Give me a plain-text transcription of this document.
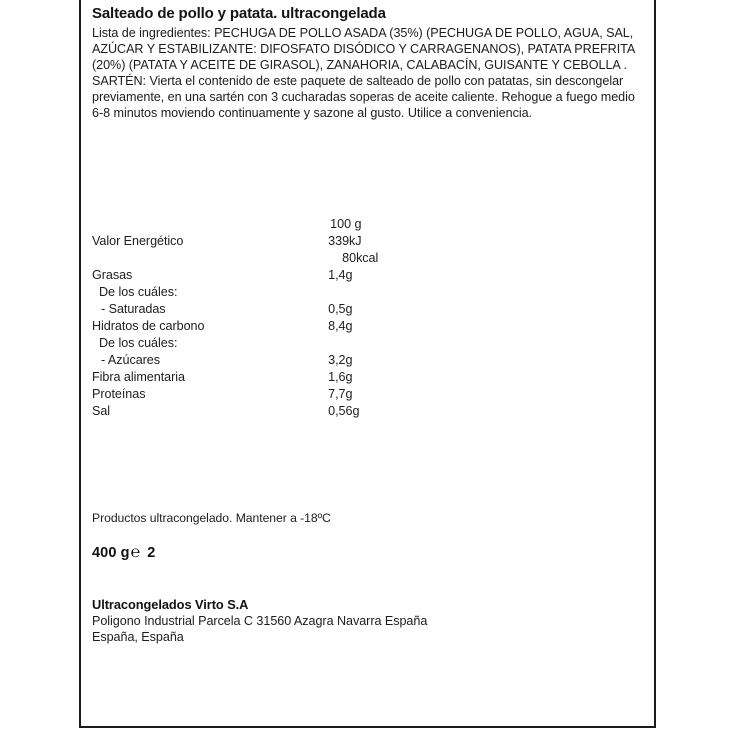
Salteado de pollo y patata. ultracongelada

Lista de ingredientes: PECHUGA DE POLLO ASADA (35%) (PECHUGA DE POLLO, AGUA, SAL, AZÚCAR Y ESTABILIZANTE: DIFOSFATO DISÓDICO Y CARRAGENANOS), PATATA PREFRITA (20%) (PATATA Y ACEITE DE GIRASOL), ZANAHORIA, CALABACÍN, GUISANTE Y CEBOLLA .

SARTÉN: Vierta el contenido de este paquete de salteado de pollo con patatas, sin descongelar previamente, en una sartén con 3 cucharadas soperas de aceite caliente. Rehogue a fuego medio 6-8 minutos moviendo continuamente y sazone al gusto. Utilice a conveniencia.

	100 g
Valor Energético	339kJ
	80kcal
Grasas	1,4g
De los cuáles:	
- Saturadas	0,5g
Hidratos de carbono	8,4g
De los cuáles:	
- Azúcares	3,2g
Fibra alimentaria	1,6g
Proteínas	7,7g
Sal	0,56g
Productos ultracongelado. Mantener a -18ºC
400 g ℮ 2
Ultracongelados Virto S.A
Poligono Industrial Parcela C 31560 Azagra Navarra España
España, España
